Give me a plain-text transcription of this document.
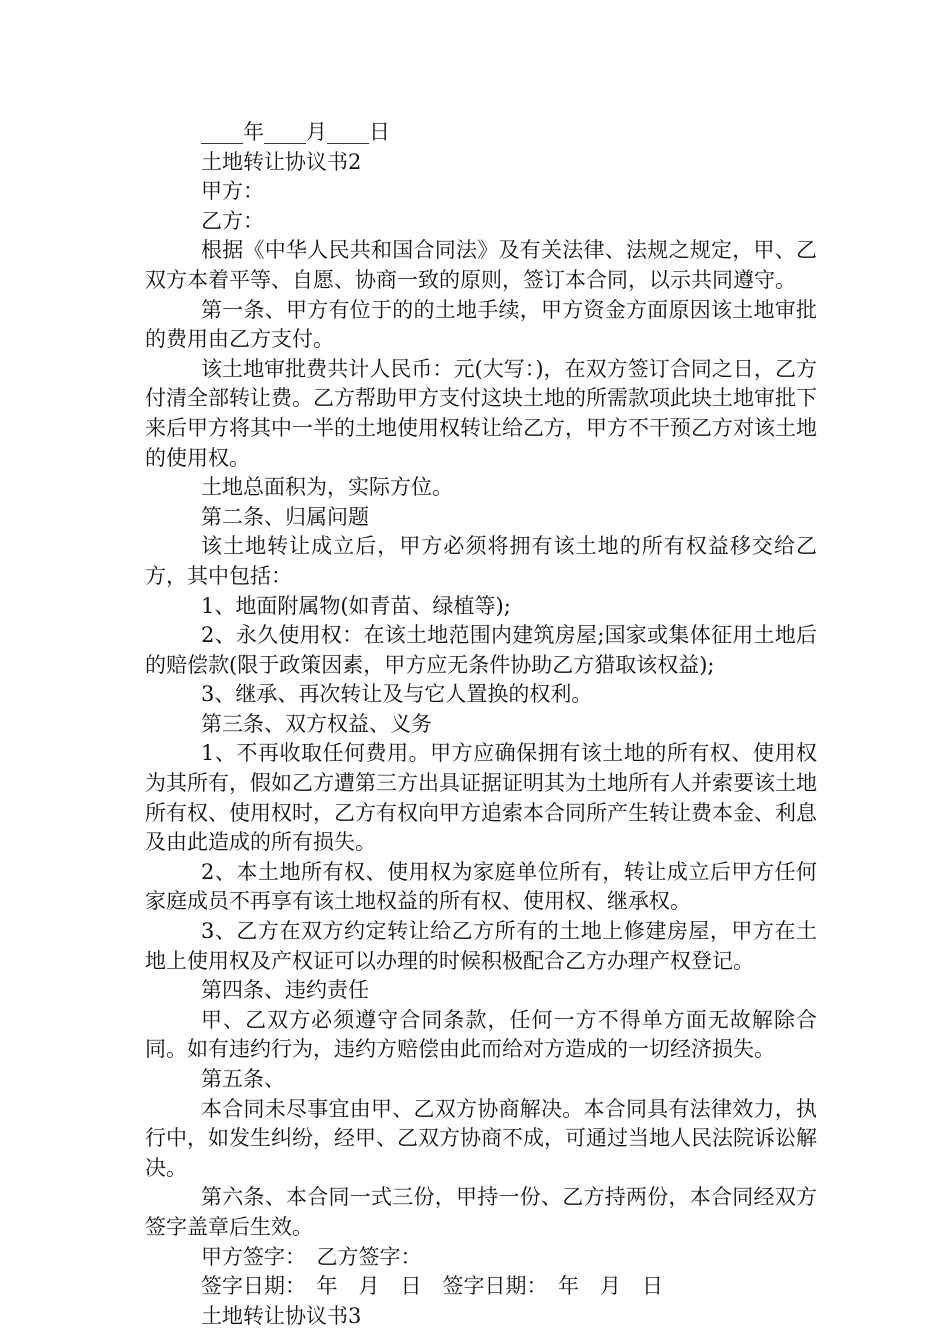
____年____月____日

土地转让协议书2

甲方：

乙方：

根据《中华人民共和国合同法》及有关法律、法规之规定，甲、乙双方本着平等、自愿、协商一致的原则，签订本合同，以示共同遵守。

第一条、甲方有位于的的土地手续，甲方资金方面原因该土地审批的费用由乙方支付。

该土地审批费共计人民币：元(大写：)，在双方签订合同之日，乙方付清全部转让费。乙方帮助甲方支付这块土地的所需款项此块土地审批下来后甲方将其中一半的土地使用权转让给乙方，甲方不干预乙方对该土地的使用权。

土地总面积为，实际方位。

第二条、归属问题

该土地转让成立后，甲方必须将拥有该土地的所有权益移交给乙方，其中包括：

1、地面附属物(如青苗、绿植等);

2、永久使用权：在该土地范围内建筑房屋;国家或集体征用土地后的赔偿款(限于政策因素，甲方应无条件协助乙方猎取该权益);

3、继承、再次转让及与它人置换的权利。

第三条、双方权益、义务

1、不再收取任何费用。甲方应确保拥有该土地的所有权、使用权为其所有，假如乙方遭第三方出具证据证明其为土地所有人并索要该土地所有权、使用权时，乙方有权向甲方追索本合同所产生转让费本金、利息及由此造成的所有损失。

2、本土地所有权、使用权为家庭单位所有，转让成立后甲方任何家庭成员不再享有该土地权益的所有权、使用权、继承权。

3、乙方在双方约定转让给乙方所有的土地上修建房屋，甲方在土地上使用权及产权证可以办理的时候积极配合乙方办理产权登记。

第四条、违约责任

甲、乙双方必须遵守合同条款，任何一方不得单方面无故解除合同。如有违约行为，违约方赔偿由此而给对方造成的一切经济损失。

第五条、

本合同未尽事宜由甲、乙双方协商解决。本合同具有法律效力，执行中，如发生纠纷，经甲、乙双方协商不成，可通过当地人民法院诉讼解决。

第六条、本合同一式三份，甲持一份、乙方持两份，本合同经双方签字盖章后生效。

甲方签字：　乙方签字：

签字日期：　年　月　日　签字日期：　年　月　日

土地转让协议书3
